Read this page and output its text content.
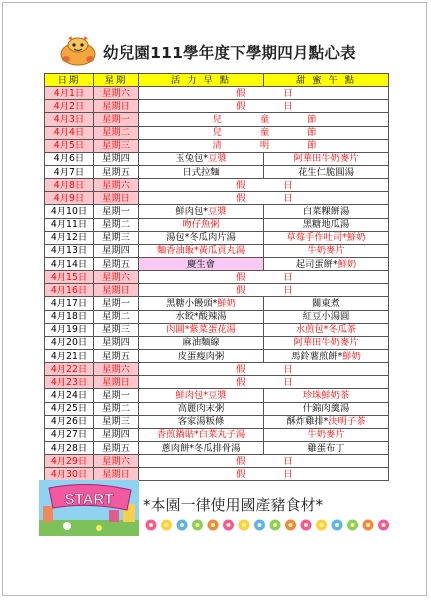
幼兒園111學年度下學期四月點心表
日期	星期	活 力 早 點	甜 蜜 午 點
4月1日	星期六	假日	
4月2日	星期日	假日	
4月3日	星期一	兒童節	
4月4日	星期二	兒童節	
4月5日	星期三	清明節	
4月6日	星期四	玉兔包*豆漿	阿華田牛奶麥片
4月7日	星期五	日式拉麵	花生仁脆圓湯
4月8日	星期六	假日	
4月9日	星期日	假日	
4月10日	星期一	鮮肉包*豆漿	白菜粿餅湯
4月11日	星期二	吻仔魚粥	黑糖地瓜湯
4月12日	星期三	湯包*冬瓜肉片湯	草莓手作吐司*鮮奶
4月13日	星期四	麵香油飯*黃瓜貢丸湯	牛奶麥片
4月14日	星期五	慶生會	起司蛋餅*鮮奶
4月15日	星期六	假日	
4月16日	星期日	假日	
4月17日	星期一	黑糖小饅頭*鮮奶	關東煮
4月18日	星期二	水餃*酸辣湯	紅豆小湯圓
4月19日	星期三	肉圓*紫菜蛋花湯	水煎包*冬瓜茶
4月20日	星期四	麻油麵線	阿華田牛奶麥片
4月21日	星期五	皮蛋瘦肉粥	馬鈴薯煎餅*鮮奶
4月22日	星期六	假日	
4月23日	星期日	假日	
4月24日	星期一	鮮肉包*豆漿	珍珠鮮奶茶
4月25日	星期二	高麗肉末粥	什錦肉羹湯
4月26日	星期三	客家湯粄條	酥炸雞排*決明子茶
4月27日	星期四	香煎鍋貼*白菜丸子湯	牛奶麥片
4月28日	星期五	蔥肉餅*冬瓜排骨湯	雞蛋布丁
4月29日	星期六	假日	
4月30日	星期日	假日	
START *本園一律使用國產豬食材*
